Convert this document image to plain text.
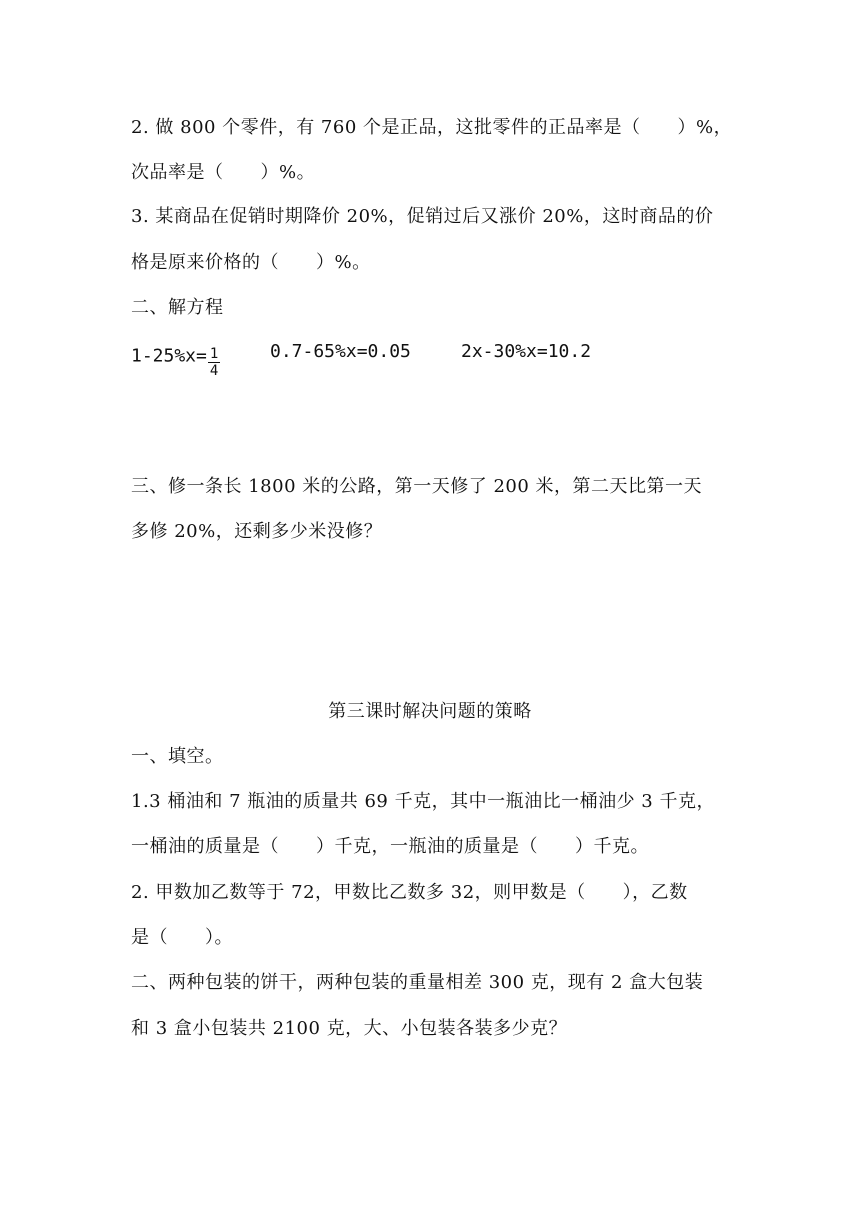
2. 做 800 个零件，有 760 个是正品，这批零件的正品率是（　　）%，
次品率是（　　）%。
3. 某商品在促销时期降价 20%，促销过后又涨价 20%，这时商品的价
格是原来价格的（　　）%。
二、解方程
$1-25\%x= \frac{1}{4}$	0.7-65%x=0.05	2x-30%x=10.2
三、修一条长 1800 米的公路，第一天修了 200 米，第二天比第一天
多修 20%，还剩多少米没修？
第三课时解决问题的策略
一、填空。
1.3 桶油和 7 瓶油的质量共 69 千克，其中一瓶油比一桶油少 3 千克，
一桶油的质量是（　　）千克，一瓶油的质量是（　　）千克。
2. 甲数加乙数等于 72，甲数比乙数多 32，则甲数是（　　），乙数
是（　　）。
二、两种包装的饼干，两种包装的重量相差 300 克，现有 2 盒大包装
和 3 盒小包装共 2100 克，大、小包装各装多少克？
